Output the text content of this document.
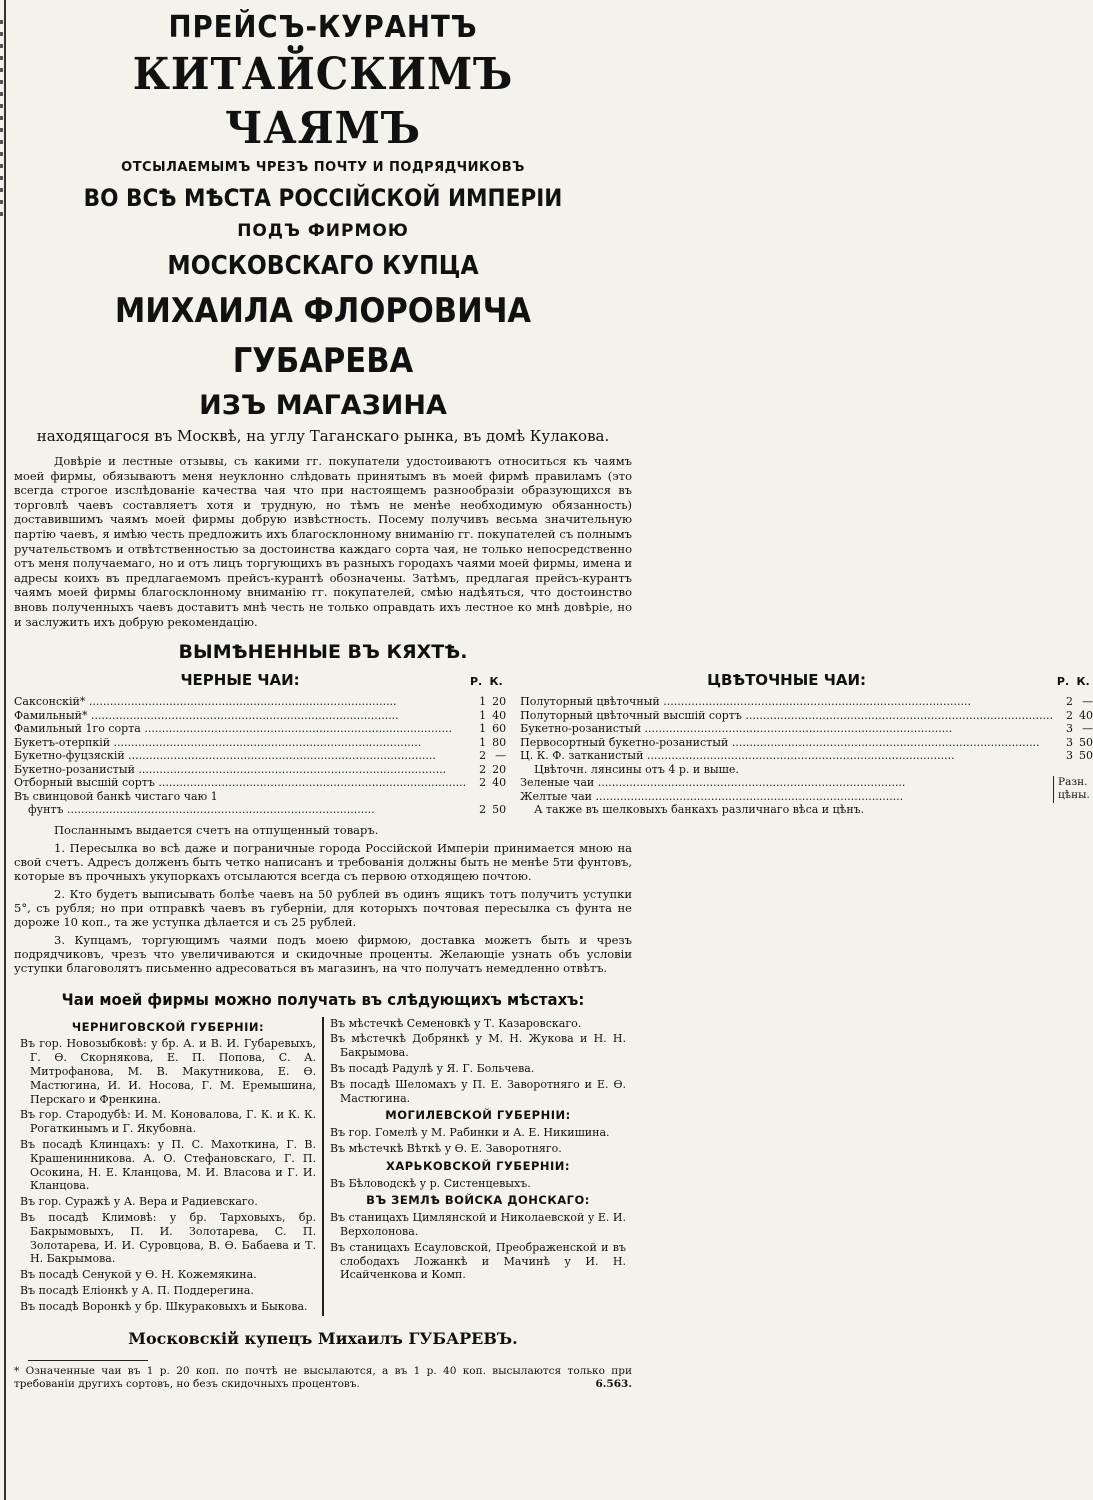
ПРЕЙСЪ-КУРАНТЪ
КИТАЙСКИМЪ ЧАЯМЪ
ОТСЫЛАЕМЫМЪ ЧРЕЗЪ ПОЧТУ И ПОДРЯДЧИКОВЪ
ВО ВСѢ МѢСТА РОССІЙСКОЙ ИМПЕРІИ
ПОДЪ ФИРМОЮ
МОСКОВСКАГО КУПЦА
МИХАИЛА ФЛОРОВИЧА ГУБАРЕВА
ИЗЪ МАГАЗИНА
находящагося въ Москвѣ, на углу Таганскаго рынка, въ домѣ Кулакова.

Довѣріе и лестные отзывы, съ какими гг. покупатели удостоиваютъ относиться къ чаямъ моей фирмы, обязываютъ меня неуклонно слѣдовать принятымъ въ моей фирмѣ правиламъ (это всегда строгое изслѣдованіе качества чая что при настоящемъ разнообразіи образующихся въ торговлѣ чаевъ составляетъ хотя и трудную, но тѣмъ не менѣе необходимую обязанность) доставившимъ чаямъ моей фирмы добрую извѣстность. Посему получивъ весьма значительную партію чаевъ, я имѣю честь предложить ихъ благосклонному вниманію гг. покупателей съ полнымъ ручательствомъ и отвѣтственностью за достоинства каждаго сорта чая, не только непосредственно отъ меня получаемаго, но и отъ лицъ торгующихъ въ разныхъ городахъ чаями моей фирмы, имена и адресы коихъ въ предлагаемомъ прейсъ-курантѣ обозначены. Затѣмъ, предлагая прейсъ-курантъ чаямъ моей фирмы благосклонному вниманію гг. покупателей, смѣю надѣяться, что достоинство вновь полученныхъ чаевъ доставитъ мнѣ честь не только оправдать ихъ лестное ко мнѣ довѣріе, но и заслужить ихъ добрую рекомендацію.

ВЫМѢНЕННЫЕ ВЪ КЯХТѢ.
ЧЕРНЫЕ ЧАИ:	Р. К.
Саксонскій* .....	1 20
Фамильный* .....	1 40
Фамильный 1го сорта .....	1 60
Букетъ-отерпкій .....	1 80
Букетно-фуцзяскій .....	2 —
Букетно-розанистый .....	2 20
Отборный высшій сортъ .....	2 40
Въ свинцовой банкѣ чистаго чаю 1
фунтъ .....	2 50
ЦВѢТОЧНЫЕ ЧАИ:	Р. К.
Полуторный цвѣточный .....	2 —
Полуторный цвѣточный высшій сортъ .....	2 40
Букетно-розанистый .....	3 —
Первосортный букетно-розанистый .....	3 50
Ц. К. Ф. затканистый .....	3 50
Цвѣточн. лянсины отъ 4 р. и выше.
Зеленые чаи .....
Желтые чаи .....
Разн. цѣны.
А также въ шелковыхъ банкахъ различнаго вѣса и цѣнъ.

Посланнымъ выдается счетъ на отпущенный товаръ.

1. Пересылка во всѣ даже и пограничные города Россійской Имперіи принимается мною на свой счетъ. Адресъ долженъ быть четко написанъ и требованія должны быть не менѣе 5ти фунтовъ, которые въ прочныхъ укупоркахъ отсылаются всегда съ первою отходящею почтою.

2. Кто будетъ выписывать болѣе чаевъ на 50 рублей въ одинъ ящикъ тотъ получитъ уступки 5°, съ рубля; но при отправкѣ чаевъ въ губерніи, для которыхъ почтовая пересылка съ фунта не дороже 10 коп., та же уступка дѣлается и съ 25 рублей.

3. Купцамъ, торгующимъ чаями подъ моею фирмою, доставка можетъ быть и чрезъ подрядчиковъ, чрезъ что увеличиваются и скидочные проценты. Желающіе узнать объ условіи уступки благоволятъ письменно адресоваться въ магазинъ, на что получатъ немедленно отвѣтъ.

Чаи моей фирмы можно получать въ слѣдующихъ мѣстахъ:
ЧЕРНИГОВСКОЙ ГУБЕРНІИ:
Въ гор. Новозыбковѣ: у бр. А. и В. И. Губаревыхъ, Г. Ѳ. Скорнякова, Е. П. Попова, С. А. Митрофанова, М. В. Макутникова, Е. Ѳ. Мастюгина, И. И. Носова, Г. М. Еремышина, Перскаго и Френкина.
Въ гор. Стародубѣ: И. М. Коновалова, Г. К. и К. К. Рогаткинымъ и Г. Якубовна.
Въ посадѣ Клинцахъ: у П. С. Махоткина, Г. В. Крашенинникова. А. О. Стефановскаго, Г. П. Осокина, Н. Е. Кланцова, М. И. Власова и Г. И. Кланцова.
Въ гор. Суражѣ у А. Вера и Радиевскаго.
Въ посадѣ Климовѣ: у бр. Тарховыхъ, бр. Бакрымовыхъ, П. И. Золотарева, С. П. Золотарева, И. И. Суровцова, В. Ѳ. Бабаева и Т. Н. Бакрымова.
Въ посадѣ Сенукой у Ѳ. Н. Кожемякина.
Въ посадѣ Еліонкѣ у А. П. Поддерегина.
Въ посадѣ Воронкѣ у бр. Шкураковыхъ и Быкова.
Въ мѣстечкѣ Семеновкѣ у Т. Казаровскаго.
Въ мѣстечкѣ Добрянкѣ у М. Н. Жукова и Н. Н. Бакрымова.
Въ посадѣ Радулѣ у Я. Г. Больчева.
Въ посадѣ Шеломахъ у П. Е. Заворотняго и Е. Ѳ. Мастюгина.
МОГИЛЕВСКОЙ ГУБЕРНІИ:
Въ гор. Гомелѣ у М. Рабинки и А. Е. Никишина.
Въ мѣстечкѣ Вѣткѣ у Ѳ. Е. Заворотняго.
ХАРЬКОВСКОЙ ГУБЕРНІИ:
Въ Бѣловодскѣ у р. Систенцевыхъ.
ВЪ ЗЕМЛѢ ВОЙСКА ДОНСКАГО:
Въ станицахъ Цимлянской и Николаевской у Е. И. Верхолонова.
Въ станицахъ Есауловской, Преображенской и въ слободахъ Ложанкѣ и Мачинѣ у И. Н. Исайченкова и Комп.
Московскій купецъ Михаилъ ГУБАРЕВЪ.
* Означенные чаи въ 1 р. 20 коп. по почтѣ не высылаются, а въ 1 р. 40 коп. высылаются только при требованіи другихъ сортовъ, но безъ скидочныхъ процентовъ.	6.563.
